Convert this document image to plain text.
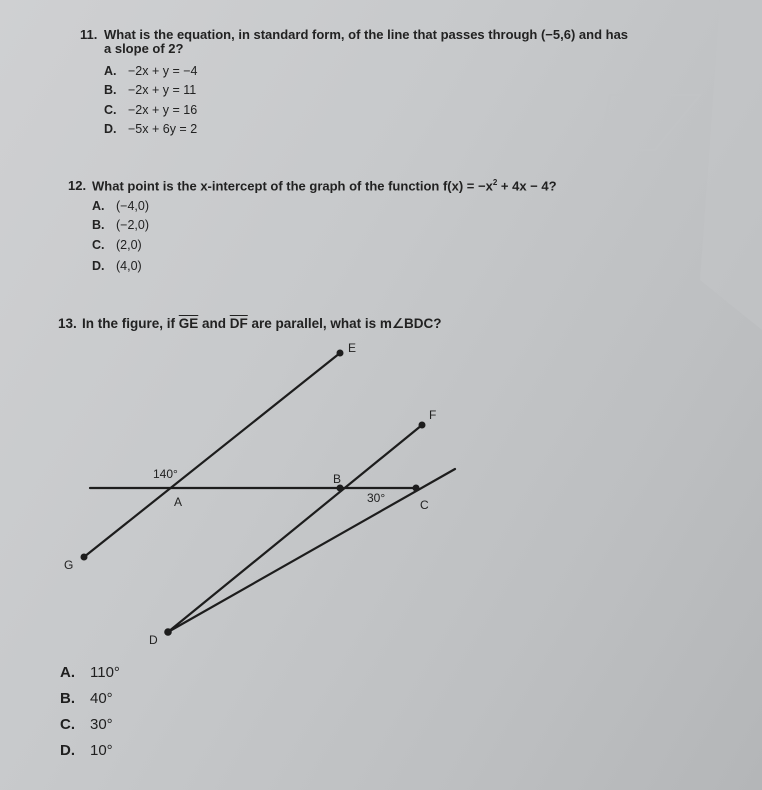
11. What is the equation, in standard form, of the line that passes through (−5,6) and has
a slope of 2?
A. −2x + y = −4
B. −2x + y = 11
C. −2x + y = 16
D. −5x + 6y = 2
12. What point is the x-intercept of the graph of the function $f(x) = -x^2 + 4x - 4$?
A. (−4,0)
B. (−2,0)
C. (2,0)
D. (4,0)
13. In the figure, if $\overline{GE}$ and $\overline{DF}$ are parallel, what is m∠BDC?
E
F
G
A
B
C
D
140°
30°
A. 110°
B. 40°
C. 30°
D. 10°
